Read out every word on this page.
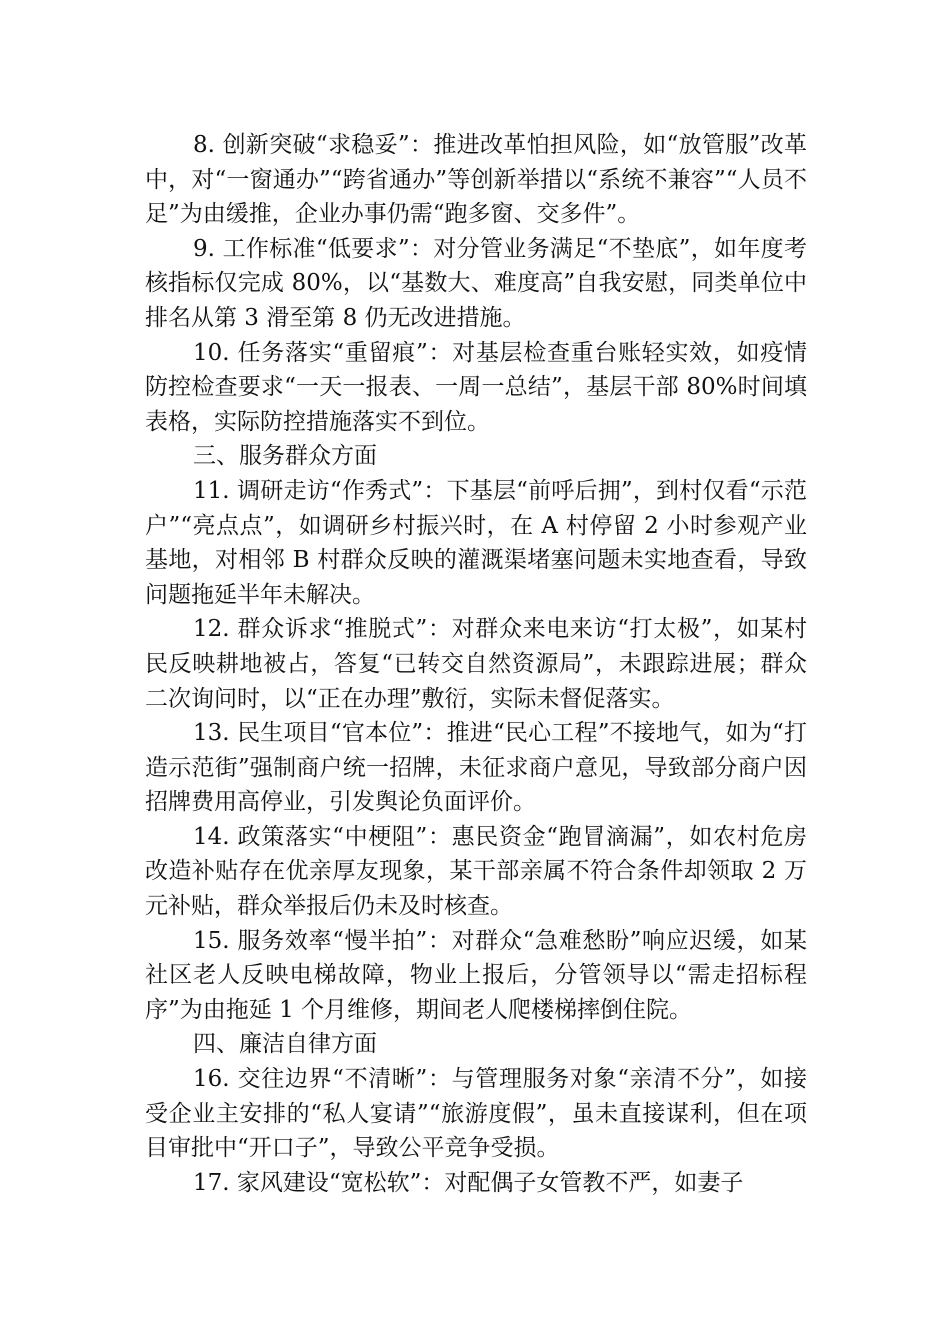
8. 创新突破“求稳妥”：推进改革怕担风险，如“放管服”改革中，对“一窗通办”“跨省通办”等创新举措以“系统不兼容”“人员不足”为由缓推，企业办事仍需“跑多窗、交多件”。

9. 工作标准“低要求”：对分管业务满足“不垫底”，如年度考核指标仅完成 80%，以“基数大、难度高”自我安慰，同类单位中排名从第 3 滑至第 8 仍无改进措施。

10. 任务落实“重留痕”：对基层检查重台账轻实效，如疫情防控检查要求“一天一报表、一周一总结”，基层干部 80%时间填表格，实际防控措施落实不到位。

三、服务群众方面

11. 调研走访“作秀式”：下基层“前呼后拥”，到村仅看“示范户”“亮点点”，如调研乡村振兴时，在 A 村停留 2 小时参观产业基地，对相邻 B 村群众反映的灌溉渠堵塞问题未实地查看，导致问题拖延半年未解决。

12. 群众诉求“推脱式”：对群众来电来访“打太极”，如某村民反映耕地被占，答复“已转交自然资源局”，未跟踪进展；群众二次询问时，以“正在办理”敷衍，实际未督促落实。

13. 民生项目“官本位”：推进“民心工程”不接地气，如为“打造示范街”强制商户统一招牌，未征求商户意见，导致部分商户因招牌费用高停业，引发舆论负面评价。

14. 政策落实“中梗阻”：惠民资金“跑冒滴漏”，如农村危房改造补贴存在优亲厚友现象，某干部亲属不符合条件却领取 2 万元补贴，群众举报后仍未及时核查。

15. 服务效率“慢半拍”：对群众“急难愁盼”响应迟缓，如某社区老人反映电梯故障，物业上报后，分管领导以“需走招标程序”为由拖延 1 个月维修，期间老人爬楼梯摔倒住院。

四、廉洁自律方面

16. 交往边界“不清晰”：与管理服务对象“亲清不分”，如接受企业主安排的“私人宴请”“旅游度假”，虽未直接谋利，但在项目审批中“开口子”，导致公平竞争受损。

17. 家风建设“宽松软”：对配偶子女管教不严，如妻子
